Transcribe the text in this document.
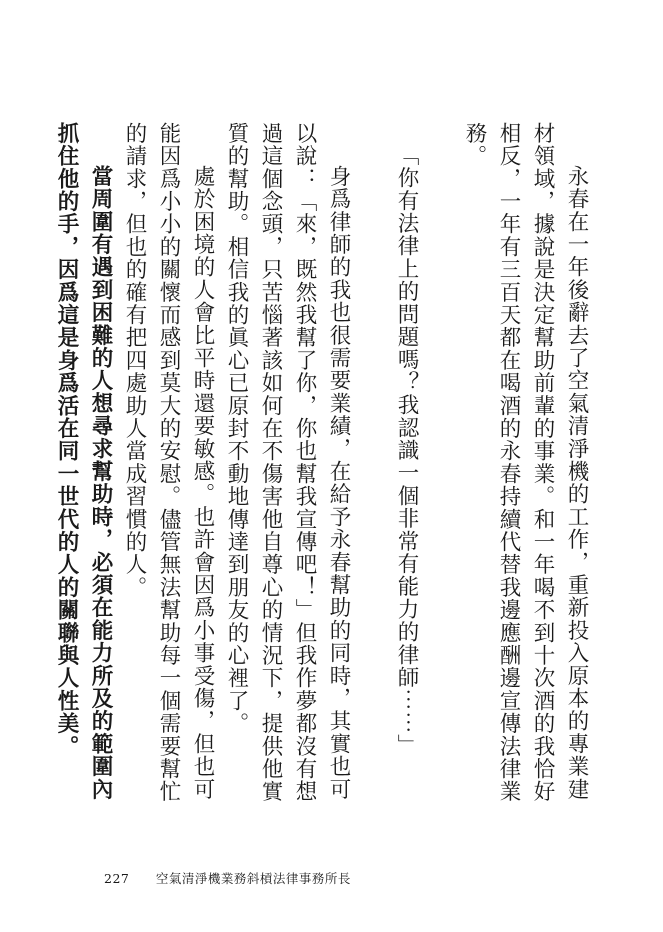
永春在一年後辭去了空氣清淨機的工作，重新投入原本的專業建材領域，據說是決定幫助前輩的事業。和一年喝不到十次酒的我恰好相反，一年有三百天都在喝酒的永春持續代替我邊應酬邊宣傳法律業務。

「你有法律上的問題嗎？我認識一個非常有能力的律師⋯⋯」

身爲律師的我也很需要業績，在給予永春幫助的同時，其實也可以說：「來，既然我幫了你，你也幫我宣傳吧！」但我作夢都沒有想過這個念頭，只苦惱著該如何在不傷害他自尊心的情況下，提供他實質的幫助。相信我的眞心已原封不動地傳達到朋友的心裡了。

處於困境的人會比平時還要敏感。也許會因爲小事受傷，但也可能因爲小小的關懷而感到莫大的安慰。儘管無法幫助每一個需要幫忙的請求，但也的確有把四處助人當成習慣的人。

當周圍有遇到困難的人想尋求幫助時，必須在能力所及的範圍內抓住他的手，因爲這是身爲活在同一世代的人的關聯與人性美。

227 空氣清淨機業務斜槓法律事務所長
